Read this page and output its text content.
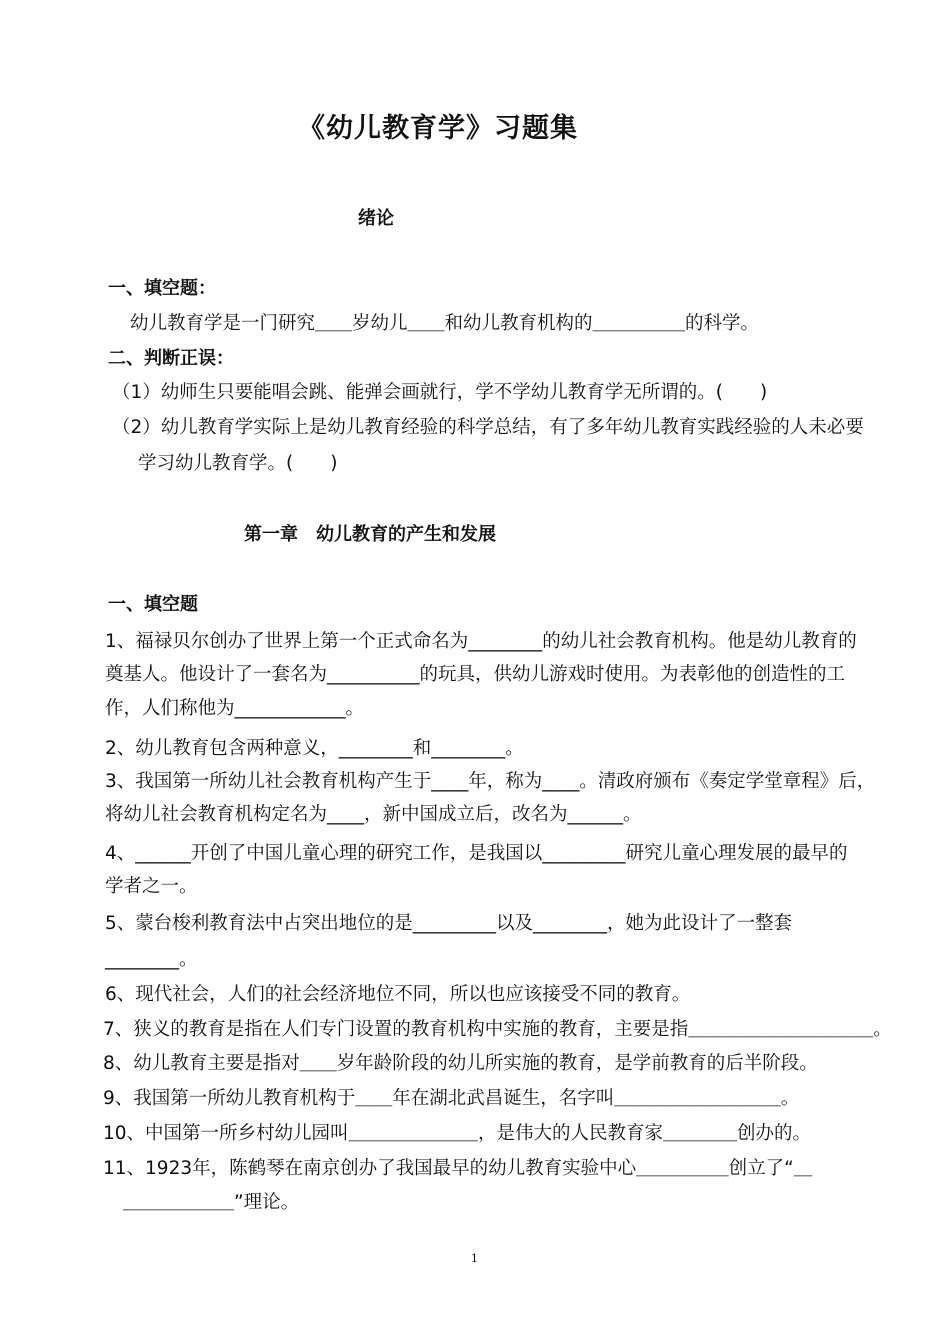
《幼儿教育学》习题集
绪论
一、填空题：
幼儿教育学是一门研究＿＿岁幼儿＿＿和幼儿教育机构的＿＿＿＿＿的科学。
二、判断正误：
（1）幼师生只要能唱会跳、能弹会画就行，学不学幼儿教育学无所谓的。(　　)
（2）幼儿教育学实际上是幼儿教育经验的科学总结，有了多年幼儿教育实践经验的人未必要
学习幼儿教育学。(　　)
第一章　幼儿教育的产生和发展
一、填空题
1、福禄贝尔创办了世界上第一个正式命名为________的幼儿社会教育机构。他是幼儿教育的
奠基人。他设计了一套名为__________的玩具，供幼儿游戏时使用。为表彰他的创造性的工
作，人们称他为____________。
2、幼儿教育包含两种意义，________和________。
3、我国第一所幼儿社会教育机构产生于____年，称为____。清政府颁布《奏定学堂章程》后，
将幼儿社会教育机构定名为____，新中国成立后，改名为______。
4、______开创了中国儿童心理的研究工作，是我国以_________研究儿童心理发展的最早的
学者之一。
5、蒙台梭利教育法中占突出地位的是_________以及________，她为此设计了一整套
________。
6、现代社会，人们的社会经济地位不同，所以也应该接受不同的教育。
7、狭义的教育是指在人们专门设置的教育机构中实施的教育，主要是指＿＿＿＿＿＿＿＿＿＿。
8、幼儿教育主要是指对＿＿岁年龄阶段的幼儿所实施的教育，是学前教育的后半阶段。
9、我国第一所幼儿教育机构于＿＿年在湖北武昌诞生，名字叫＿＿＿＿＿＿＿＿＿。
10、中国第一所乡村幼儿园叫＿＿＿＿＿＿＿，是伟大的人民教育家＿＿＿＿创办的。
11、1923年，陈鹤琴在南京创办了我国最早的幼儿教育实验中心＿＿＿＿＿创立了“＿
＿＿＿＿＿＿”理论。
1
